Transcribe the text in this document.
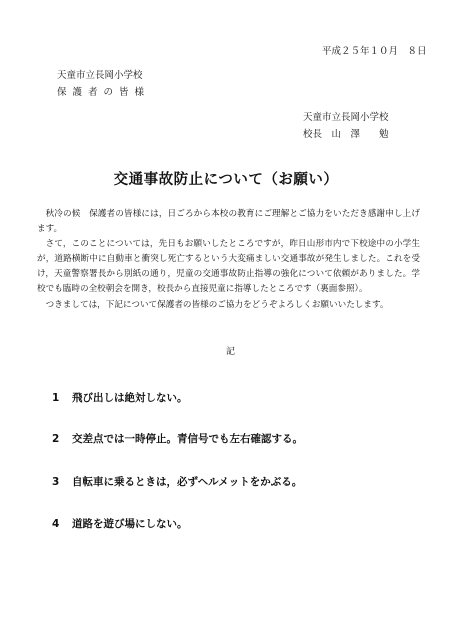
平成２５年１０月　８日
天童市立長岡小学校
保護者の皆様
天童市立長岡小学校
校長　山　澤　　勉
交通事故防止について（お願い）

秋冷の候　保護者の皆様には，日ごろから本校の教育にご理解とご協力をいただき感謝申し上げます。

さて，このことについては，先日もお願いしたところですが，昨日山形市内で下校途中の小学生が，道路横断中に自動車と衝突し死亡するという大変痛ましい交通事故が発生しました。これを受け，天童警察署長から別紙の通り，児童の交通事故防止指導の強化について依頼がありました。学校でも臨時の全校朝会を開き，校長から直接児童に指導したところです（裏面参照）。

つきましては，下記について保護者の皆様のご協力をどうぞよろしくお願いいたします。

記
1 飛び出しは絶対しない。
2 交差点では一時停止。青信号でも左右確認する。
3 自転車に乗るときは，必ずヘルメットをかぶる。
4 道路を遊び場にしない。
